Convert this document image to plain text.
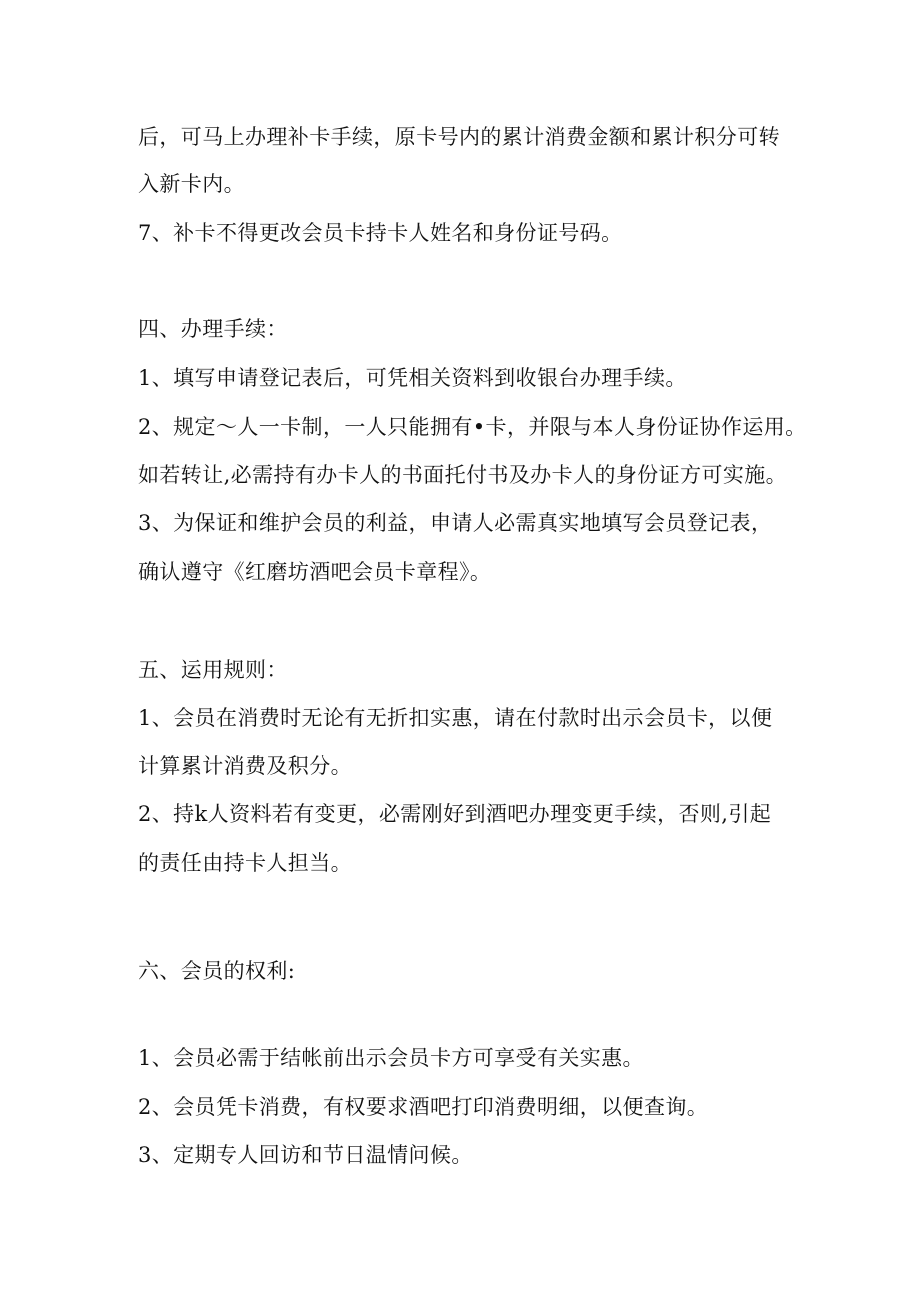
后，可马上办理补卡手续，原卡号内的累计消费金额和累计积分可转
入新卡内。
7、补卡不得更改会员卡持卡人姓名和身份证号码。
四、办理手续：
1、填写申请登记表后，可凭相关资料到收银台办理手续。
2、规定～人一卡制，一人只能拥有•卡，并限与本人身份证协作运用。
如若转让,必需持有办卡人的书面托付书及办卡人的身份证方可实施。
3、为保证和维护会员的利益，申请人必需真实地填写会员登记表，
确认遵守《红磨坊酒吧会员卡章程》。
五、运用规则：
1、会员在消费时无论有无折扣实惠，请在付款时出示会员卡，以便
计算累计消费及积分。
2、持k人资料若有变更，必需刚好到酒吧办理变更手续，否则,引起
的责任由持卡人担当。
六、会员的权利:
1、会员必需于结帐前出示会员卡方可享受有关实惠。
2、会员凭卡消费，有权要求酒吧打印消费明细，以便查询。
3、定期专人回访和节日温情问候。
